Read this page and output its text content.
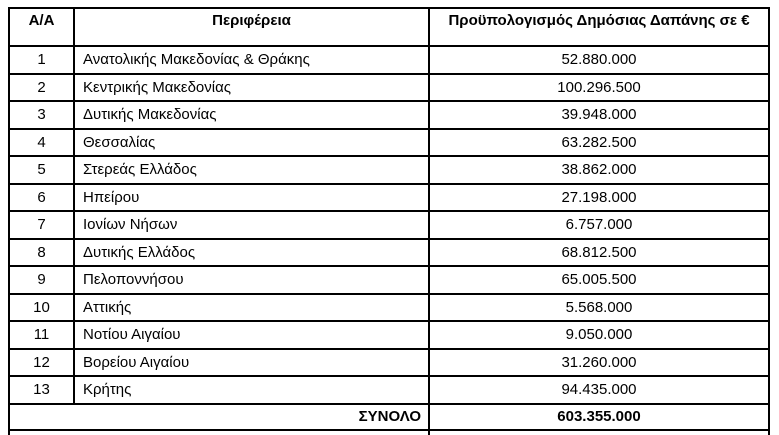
Α/Α	Περιφέρεια	Προϋπολογισμός Δημόσιας Δαπάνης σε €
1	Ανατολικής Μακεδονίας & Θράκης	52.880.000
2	Κεντρικής Μακεδονίας	100.296.500
3	Δυτικής Μακεδονίας	39.948.000
4	Θεσσαλίας	63.282.500
5	Στερεάς Ελλάδος	38.862.000
6	Ηπείρου	27.198.000
7	Ιονίων Νήσων	6.757.000
8	Δυτικής Ελλάδος	68.812.500
9	Πελοποννήσου	65.005.500
10	Αττικής	5.568.000
11	Νοτίου Αιγαίου	9.050.000
12	Βορείου Αιγαίου	31.260.000
13	Κρήτης	94.435.000
ΣΥΝΟΛΟ		603.355.000
